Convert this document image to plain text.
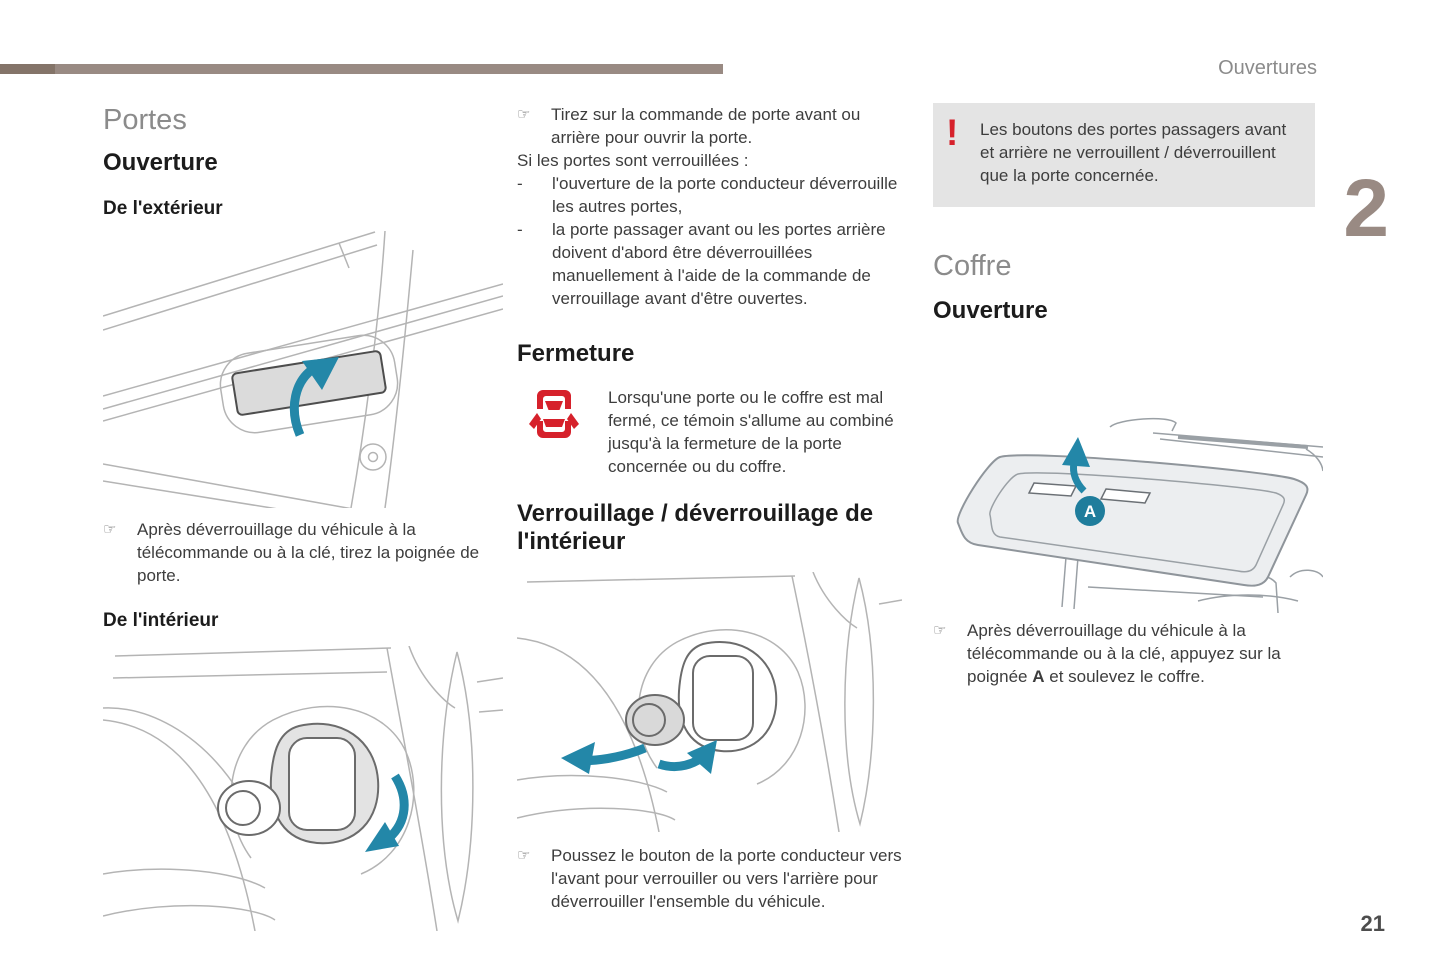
Ouvertures
2
21
Portes
Ouverture
De l'extérieur
☞	Après déverrouillage du véhicule à la télécommande ou à la clé, tirez la poignée de porte.

De l'intérieur
☞	Tirez sur la commande de porte avant ou arrière pour ouvrir la porte.

Si les portes sont verrouillées :

-	l'ouverture de la porte conducteur déverrouille les autres portes,

-	la porte passager avant ou les portes arrière doivent d'abord être déverrouillées manuellement à l'aide de la commande de verrouillage avant d'être ouvertes.

Fermeture

Lorsqu'une porte ou le coffre est mal fermé, ce témoin s'allume au combiné jusqu'à la fermeture de la porte concernée ou du coffre.

Verrouillage / déverrouillage de l'intérieur
☞	Poussez le bouton de la porte conducteur vers l'avant pour verrouiller ou vers l'arrière pour déverrouiller l'ensemble du véhicule.

!	Les boutons des portes passagers avant et arrière ne verrouillent / déverrouillent que la porte concernée.

Coffre
Ouverture
A
☞	Après déverrouillage du véhicule à la télécommande ou à la clé, appuyez sur la poignée A et soulevez le coffre.
